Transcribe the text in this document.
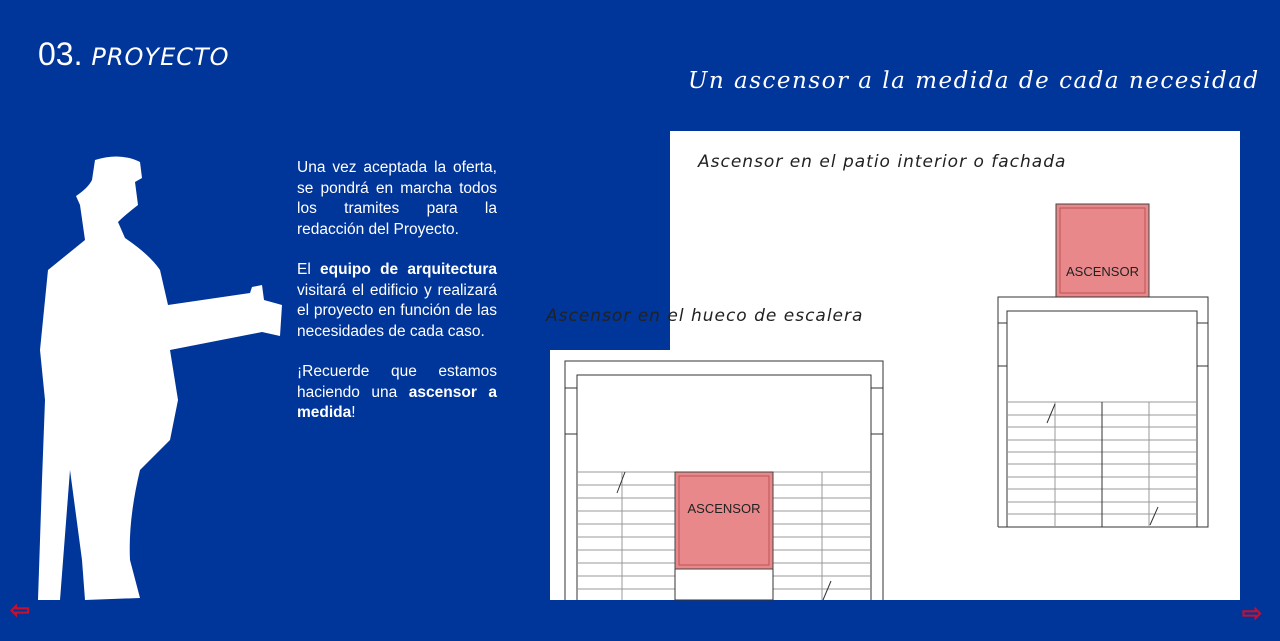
03. PROYECTO
Un ascensor a la medida de cada necesidad

Una vez aceptada la oferta, se pondrá en marcha todos los tramites para la redacción del Proyecto.

El equipo de arquitectura visitará el edificio y realizará el proyecto en función de las necesidades de cada caso.

¡Recuerde que estamos haciendo una ascensor a medida!

ASCENSOR
ASCENSOR
Ascensor en el patio interior o fachada
Ascensor en el hueco de escalera
⇦	⇨
